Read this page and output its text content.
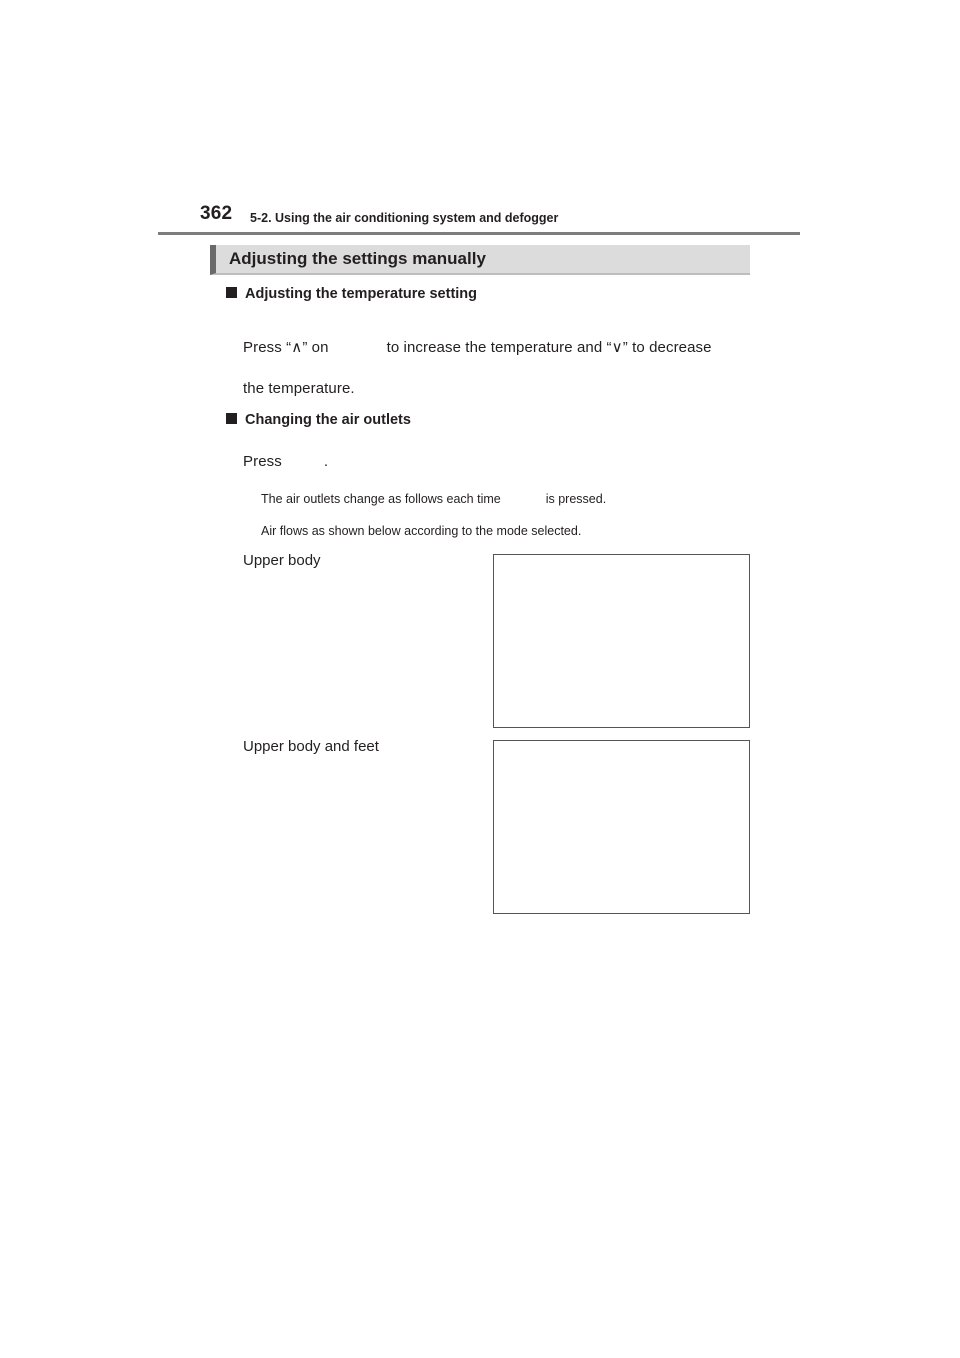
362 5-2. Using the air conditioning system and defogger
Adjusting the settings manually
Adjusting the temperature setting
Press “∧” on	to increase the temperature and “∨” to decrease
the temperature.
Changing the air outlets
Press	.
The air outlets change as follows each time	is pressed.
Air flows as shown below according to the mode selected.
Upper body
Upper body and feet
